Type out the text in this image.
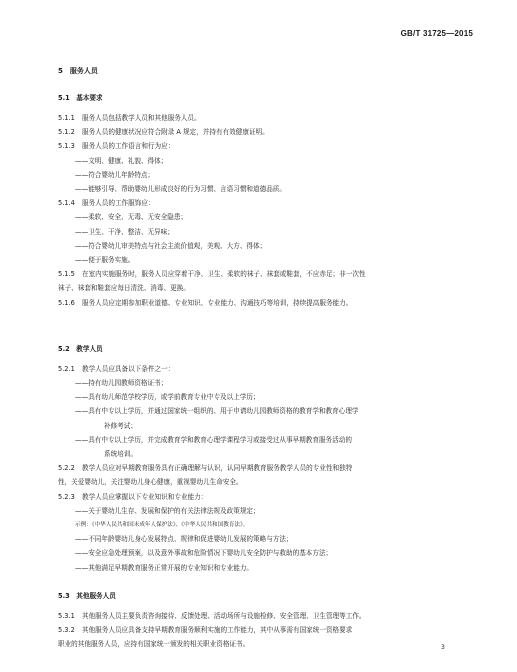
GB/T 31725—2015
5　服务人员
5.1　基本要求
5.1.1 服务人员包括教学人员和其他服务人员。
5.1.2 服务人员的健康状况应符合附录 A 规定，并持有有效健康证明。
5.1.3 服务人员的工作语言和行为应：
——文明、健康、礼貌、得体；
——符合婴幼儿年龄特点；
——能够引导、帮助婴幼儿形成良好的行为习惯、言语习惯和道德品质。
5.1.4 服务人员的工作服饰应：
——柔软、安全、无毒、无安全隐患；
——卫生、干净、整洁、无异味；
——符合婴幼儿审美特点与社会主流价值观，美观、大方、得体；
——便于服务实施。
5.1.5 在室内实施服务时，服务人员应穿着干净、卫生、柔软的袜子、袜套或鞋套，不应赤足；非一次性
袜子、袜套和鞋套应每日清洗、消毒、更换。
5.1.6 服务人员应定期参加职业道德、专业知识、专业能力、沟通技巧等培训，持续提高服务能力。
5.2　教学人员
5.2.1 教学人员应具备以下条件之一：
——持有幼儿园教师资格证书；
——具有幼儿师范学校学历，或学前教育专业中专及以上学历；
——具有中专以上学历，并通过国家统一组织的、用于申请幼儿园教师资格的教育学和教育心理学
补修考试；
——具有中专以上学历，并完成教育学和教育心理学课程学习或接受过从事早期教育服务活动的
系统培训。
5.2.2 教学人员应对早期教育服务具有正确理解与认识，认同早期教育服务教学人员的专业性和独特
性，关爱婴幼儿，关注婴幼儿身心健康，重视婴幼儿生命安全。
5.2.3 教学人员应掌握以下专业知识和专业能力：
——关于婴幼儿生存、发展和保护的有关法律法规及政策规定；
示例：《中华人民共和国未成年人保护法》、《中华人民共和国教育法》。
——不同年龄婴幼儿身心发展特点、规律和促进婴幼儿发展的策略与方法；
——安全应急处理预案，以及意外事故和危险情况下婴幼儿安全防护与救助的基本方法；
——其他满足早期教育服务正常开展的专业知识和专业能力。
5.3　其他服务人员
5.3.1 其他服务人员主要负责咨询接待、反馈处理、活动场所与设施检修、安全管理、卫生管理等工作。
5.3.2 其他服务人员应具备支持早期教育服务顺利实施的工作能力，其中从事需有国家统一资格要求
职业的其他服务人员，应持有国家统一颁发的相关职业资格证书。	3
